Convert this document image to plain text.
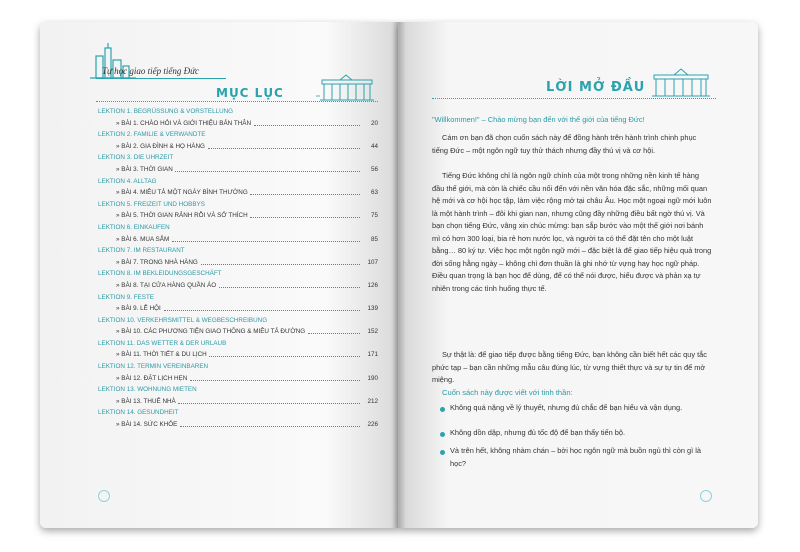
Tự học giao tiếp tiếng Đức
MỤC LỤC
LEKTION 1. BEGRÜSSUNG & VORSTELLUNG
» BÀI 1. CHÀO HỎI VÀ GIỚI THIỆU BẢN THÂN	20
LEKTION 2. FAMILIE & VERWANDTE
» BÀI 2. GIA ĐÌNH & HỌ HÀNG	44
LEKTION 3. DIE UHRZEIT
» BÀI 3. THỜI GIAN	56
LEKTION 4. ALLTAG
» BÀI 4. MIÊU TẢ MỘT NGÀY BÌNH THƯỜNG	63
LEKTION 5. FREIZEIT UND HOBBYS
» BÀI 5. THỜI GIAN RẢNH RỖI VÀ SỞ THÍCH	75
LEKTION 6. EINKAUFEN
» BÀI 6. MUA SẮM	85
LEKTION 7. IM RESTAURANT
» BÀI 7. TRONG NHÀ HÀNG	107
LEKTION 8. IM BEKLEIDUNGSGESCHÄFT
» BÀI 8. TẠI CỬA HÀNG QUẦN ÁO	126
LEKTION 9. FESTE
» BÀI 9. LỄ HỘI	139
LEKTION 10. VERKEHRSMITTEL & WEGBESCHREIBUNG
» BÀI 10. CÁC PHƯƠNG TIỆN GIAO THÔNG & MIÊU TẢ ĐƯỜNG	152
LEKTION 11. DAS WETTER & DER URLAUB
» BÀI 11. THỜI TIẾT & DU LỊCH	171
LEKTION 12. TERMIN VEREINBAREN
» BÀI 12. ĐẶT LỊCH HẸN	190
LEKTION 13. WOHNUNG MIETEN
» BÀI 13. THUÊ NHÀ	212
LEKTION 14. GESUNDHEIT
» BÀI 14. SỨC KHỎE	226
LỜI MỞ ĐẦU
"Willkommen!" – Chào mừng bạn đến với thế giới của tiếng Đức!
Cám ơn bạn đã chọn cuốn sách này để đồng hành trên hành trình chinh phục tiếng Đức – một ngôn ngữ tuy thử thách nhưng đầy thú vị và cơ hội.
Tiếng Đức không chỉ là ngôn ngữ chính của một trong những nền kinh tế hàng đầu thế giới, mà còn là chiếc cầu nối đến với nền văn hóa đặc sắc, những mối quan hệ mới và cơ hội học tập, làm việc rộng mở tại châu Âu. Học một ngoại ngữ mới luôn là một hành trình – đôi khi gian nan, nhưng cũng đầy những điều bất ngờ thú vị. Và bạn chọn tiếng Đức, vâng xin chúc mừng: bạn sắp bước vào một thế giới nơi bánh mì có hơn 300 loại, bia rẻ hơn nước lọc, và người ta có thể đặt tên cho một luật bằng… 80 ký tự. Việc học một ngôn ngữ mới – đặc biệt là để giao tiếp hiệu quả trong đời sống hằng ngày – không chỉ đơn thuần là ghi nhớ từ vựng hay học ngữ pháp. Điều quan trọng là bạn học để dùng, để có thể nói được, hiểu được và phản xạ tự nhiên trong các tình huống thực tế.
Sự thật là: để giao tiếp được bằng tiếng Đức, bạn không cần biết hết các quy tắc phức tạp – bạn cần những mẫu câu đúng lúc, từ vựng thiết thực và sự tự tin để mở miệng.
Cuốn sách này được viết với tinh thần:
Không quá nặng về lý thuyết, nhưng đủ chắc để bạn hiểu và vận dụng.
Không dồn dập, nhưng đủ tốc độ để bạn thấy tiến bộ.
Và trên hết, không nhàm chán – bởi học ngôn ngữ mà buồn ngủ thì còn gì là học?
